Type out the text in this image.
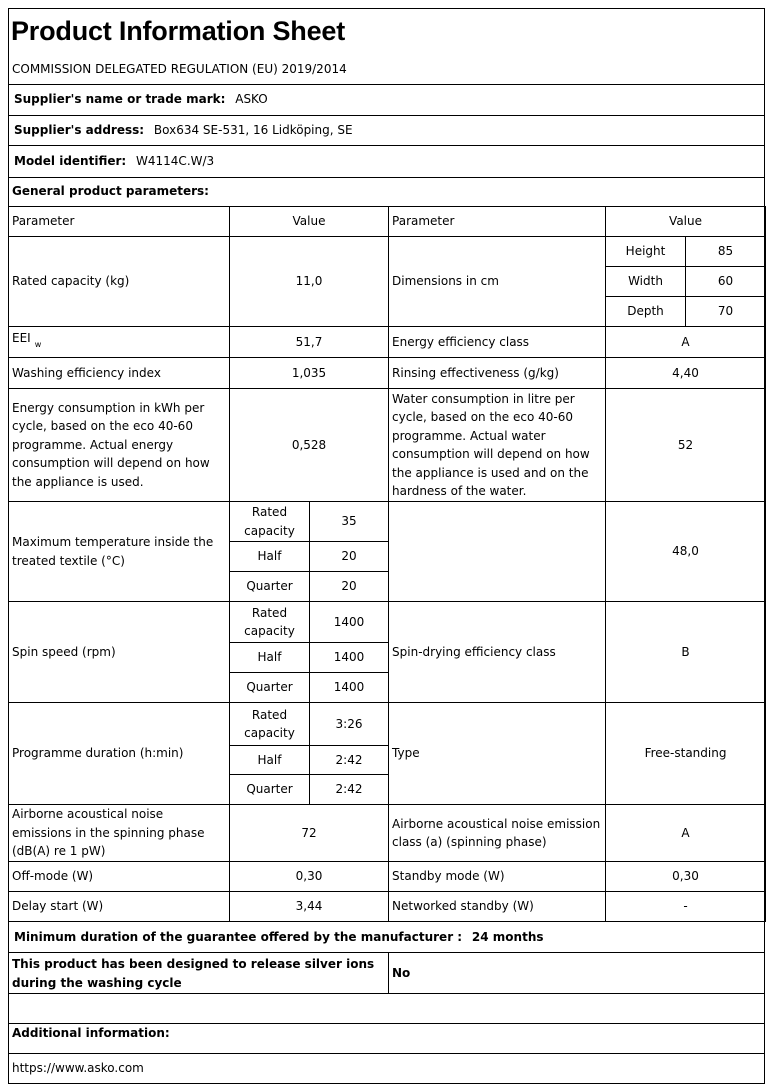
Product Information Sheet
COMMISSION DELEGATED REGULATION (EU) 2019/2014
Supplier's name or trade mark: ASKO
Supplier's address: Box634 SE-531, 16 Lidköping, SE
Model identifier: W4114C.W/3
General product parameters:
Parameter	Value		Parameter	Value	
Rated capacity (kg)	11,0		Dimensions in cm	Height	85
				Width	60
				Depth	70
EEI $_w$	51,7		Energy efficiency class	A	
Washing efficiency index	1,035		Rinsing effectiveness (g/kg)	4,40	
Energy consumption in kWh per cycle, based on the eco 40-60 programme. Actual energy consumption will depend on how the appliance is used.	0,528		Water consumption in litre per cycle, based on the eco 40-60 programme. Actual water consumption will depend on how the appliance is used and on the hardness of the water.	52	
Maximum temperature inside the treated textile (°C)	Rated capacity	35		48,0	
	Half	20			
	Quarter	20			
Spin speed (rpm)	Rated capacity	1400	Spin-drying efficiency class	B	
	Half	1400			
	Quarter	1400			
Programme duration (h:min)	Rated capacity	3:26	Type	Free-standing	
	Half	2:42			
	Quarter	2:42			
Airborne acoustical noise emissions in the spinning phase (dB(A) re 1 pW)	72		Airborne acoustical noise emission class (a) (spinning phase)	A	
Off-mode (W)	0,30		Standby mode (W)	0,30	
Delay start (W)	3,44		Networked standby (W)	-	
Minimum duration of the guarantee offered by the manufacturer : 24 months
This product has been designed to release silver ions during the washing cycle
No
Additional information:
https://www.asko.com
